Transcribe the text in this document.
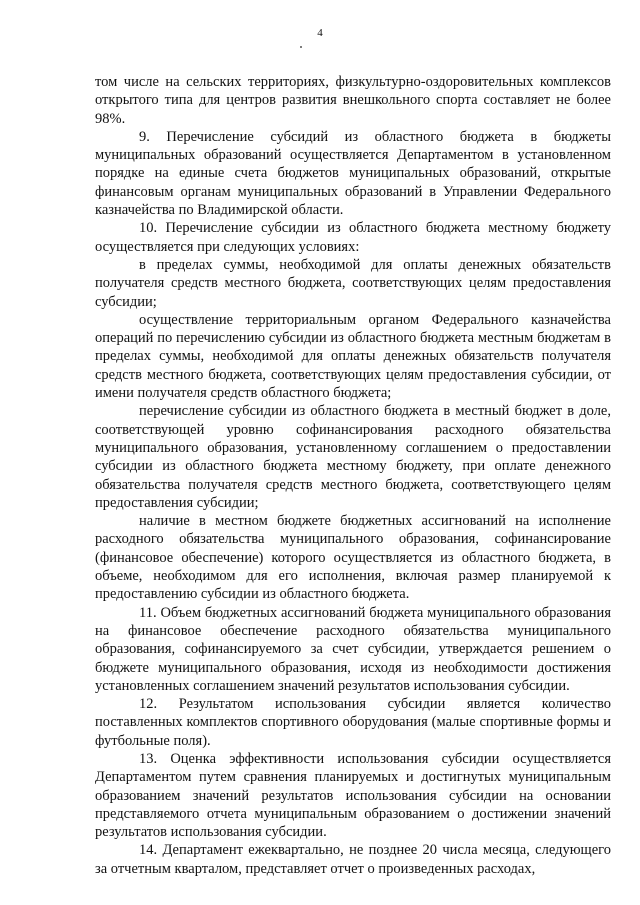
4

том числе на сельских территориях, физкультурно-оздоровительных комплексов открытого типа для центров развития внешкольного спорта составляет не более 98%.

9. Перечисление субсидий из областного бюджета в бюджеты муниципальных образований осуществляется Департаментом в установленном порядке на единые счета бюджетов муниципальных образований, открытые финансовым органам муниципальных образований в Управлении Федерального казначейства по Владимирской области.

10. Перечисление субсидии из областного бюджета местному бюджету осуществляется при следующих условиях:

в пределах суммы, необходимой для оплаты денежных обязательств получателя средств местного бюджета, соответствующих целям предоставления субсидии;

осуществление территориальным органом Федерального казначейства операций по перечислению субсидии из областного бюджета местным бюджетам в пределах суммы, необходимой для оплаты денежных обязательств получателя средств местного бюджета, соответствующих целям предоставления субсидии, от имени получателя средств областного бюджета;

перечисление субсидии из областного бюджета в местный бюджет в доле, соответствующей уровню софинансирования расходного обязательства муниципального образования, установленному соглашением о предоставлении субсидии из областного бюджета местному бюджету, при оплате денежного обязательства получателя средств местного бюджета, соответствующего целям предоставления субсидии;

наличие в местном бюджете бюджетных ассигнований на исполнение расходного обязательства муниципального образования, софинансирование (финансовое обеспечение) которого осуществляется из областного бюджета, в объеме, необходимом для его исполнения, включая размер планируемой к предоставлению субсидии из областного бюджета.

11. Объем бюджетных ассигнований бюджета муниципального образования на финансовое обеспечение расходного обязательства муниципального образования, софинансируемого за счет субсидии, утверждается решением о бюджете муниципального образования, исходя из необходимости достижения установленных соглашением значений результатов использования субсидии.

12. Результатом использования субсидии является количество поставленных комплектов спортивного оборудования (малые спортивные формы и футбольные поля).

13. Оценка эффективности использования субсидии осуществляется Департаментом путем сравнения планируемых и достигнутых муниципальным образованием значений результатов использования субсидии на основании представляемого отчета муниципальным образованием о достижении значений результатов использования субсидии.

14. Департамент ежеквартально, не позднее 20 числа месяца, следующего за отчетным кварталом, представляет отчет о произведенных расходах,
